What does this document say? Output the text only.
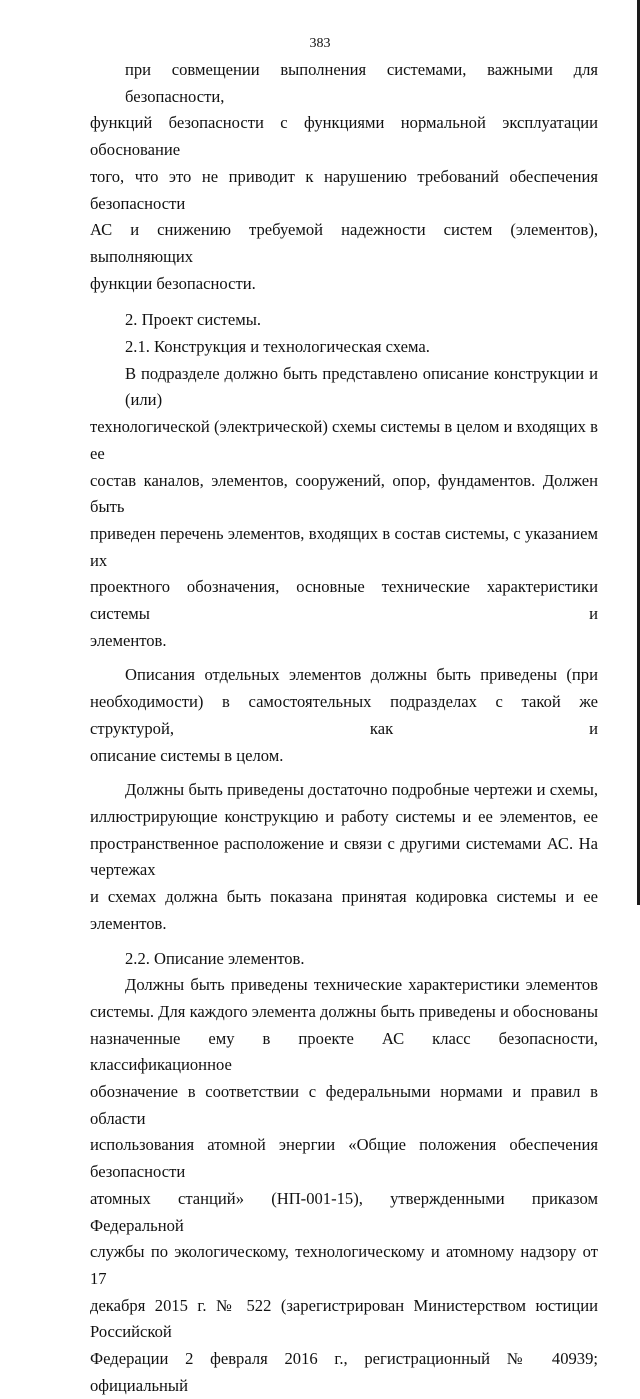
383
при совмещении выполнения системами, важными для безопасности,
функций безопасности с функциями нормальной эксплуатации обоснование
того, что это не приводит к нарушению требований обеспечения безопасности
АС и снижению требуемой надежности систем (элементов), выполняющих
функции безопасности.
2. Проект системы.
2.1. Конструкция и технологическая схема.
В подразделе должно быть представлено описание конструкции и (или)
технологической (электрической) схемы системы в целом и входящих в ее
состав каналов, элементов, сооружений, опор, фундаментов. Должен быть
приведен перечень элементов, входящих в состав системы, с указанием их
проектного обозначения, основные технические характеристики системы и
элементов.
Описания отдельных элементов должны быть приведены (при
необходимости) в самостоятельных подразделах с такой же структурой, как и
описание системы в целом.
Должны быть приведены достаточно подробные чертежи и схемы,
иллюстрирующие конструкцию и работу системы и ее элементов, ее
пространственное расположение и связи с другими системами АС. На чертежах
и схемах должна быть показана принятая кодировка системы и ее элементов.
2.2. Описание элементов.
Должны быть приведены технические характеристики элементов
системы. Для каждого элемента должны быть приведены и обоснованы
назначенные ему в проекте АС класс безопасности, классификационное
обозначение в соответствии с федеральными нормами и правил в области
использования атомной энергии «Общие положения обеспечения безопасности
атомных станций» (НП-001-15), утвержденными приказом Федеральной
службы по экологическому, технологическому и атомному надзору от 17
декабря 2015 г. № 522 (зарегистрирован Министерством юстиции Российской
Федерации 2 февраля 2016 г., регистрационный № 40939; официальный
